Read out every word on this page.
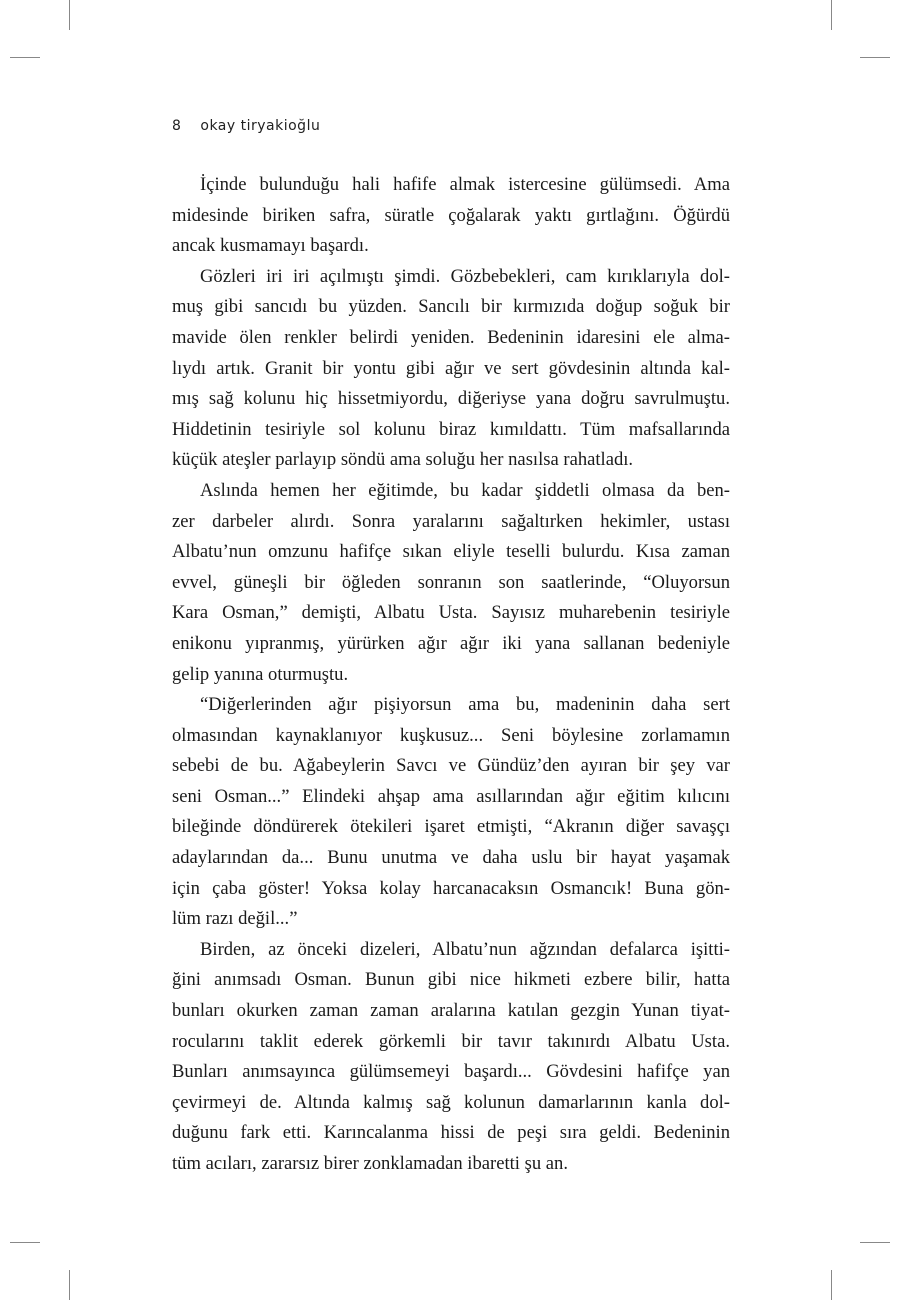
8 okay tiryakioğlu

İçinde bulunduğu hali hafife almak istercesine gülümsedi. Ama
midesinde biriken safra, süratle çoğalarak yaktı gırtlağını. Öğürdü
ancak kusmamayı başardı.

Gözleri iri iri açılmıştı şimdi. Gözbebekleri, cam kırıklarıyla dol-
muş gibi sancıdı bu yüzden. Sancılı bir kırmızıda doğup soğuk bir
mavide ölen renkler belirdi yeniden. Bedeninin idaresini ele alma-
lıydı artık. Granit bir yontu gibi ağır ve sert gövdesinin altında kal-
mış sağ kolunu hiç hissetmiyordu, diğeriyse yana doğru savrulmuştu.
Hiddetinin tesiriyle sol kolunu biraz kımıldattı. Tüm mafsallarında
küçük ateşler parlayıp söndü ama soluğu her nasılsa rahatladı.

Aslında hemen her eğitimde, bu kadar şiddetli olmasa da ben-
zer darbeler alırdı. Sonra yaralarını sağaltırken hekimler, ustası
Albatu’nun omzunu hafifçe sıkan eliyle teselli bulurdu. Kısa zaman
evvel, güneşli bir öğleden sonranın son saatlerinde, “Oluyorsun
Kara Osman,” demişti, Albatu Usta. Sayısız muharebenin tesiriyle
enikonu yıpranmış, yürürken ağır ağır iki yana sallanan bedeniyle
gelip yanına oturmuştu.

“Diğerlerinden ağır pişiyorsun ama bu, madeninin daha sert
olmasından kaynaklanıyor kuşkusuz... Seni böylesine zorlamamın
sebebi de bu. Ağabeylerin Savcı ve Gündüz’den ayıran bir şey var
seni Osman...” Elindeki ahşap ama asıllarından ağır eğitim kılıcını
bileğinde döndürerek ötekileri işaret etmişti, “Akranın diğer savaşçı
adaylarından da... Bunu unutma ve daha uslu bir hayat yaşamak
için çaba göster! Yoksa kolay harcanacaksın Osmancık! Buna gön-
lüm razı değil...”

Birden, az önceki dizeleri, Albatu’nun ağzından defalarca işitti-
ğini anımsadı Osman. Bunun gibi nice hikmeti ezbere bilir, hatta
bunları okurken zaman zaman aralarına katılan gezgin Yunan tiyat-
rocularını taklit ederek görkemli bir tavır takınırdı Albatu Usta.
Bunları anımsayınca gülümsemeyi başardı... Gövdesini hafifçe yan
çevirmeyi de. Altında kalmış sağ kolunun damarlarının kanla dol-
duğunu fark etti. Karıncalanma hissi de peşi sıra geldi. Bedeninin
tüm acıları, zararsız birer zonklamadan ibaretti şu an.
